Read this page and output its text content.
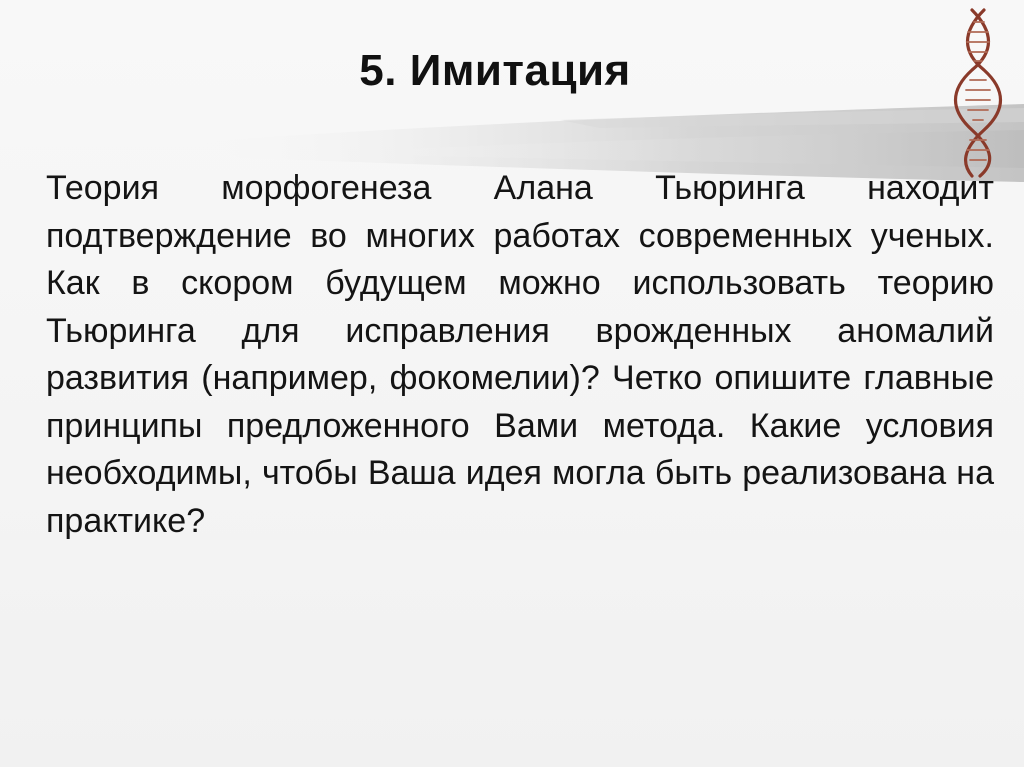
5. Имитация

Теория морфогенеза Алана Тьюринга находит подтверждение во многих работах современных ученых. Как в скором будущем можно использовать теорию Тьюринга для исправления врожденных аномалий развития (например, фокомелии)? Четко опишите главные принципы предложенного Вами метода. Какие условия необходимы, чтобы Ваша идея могла быть реализована на практике?
